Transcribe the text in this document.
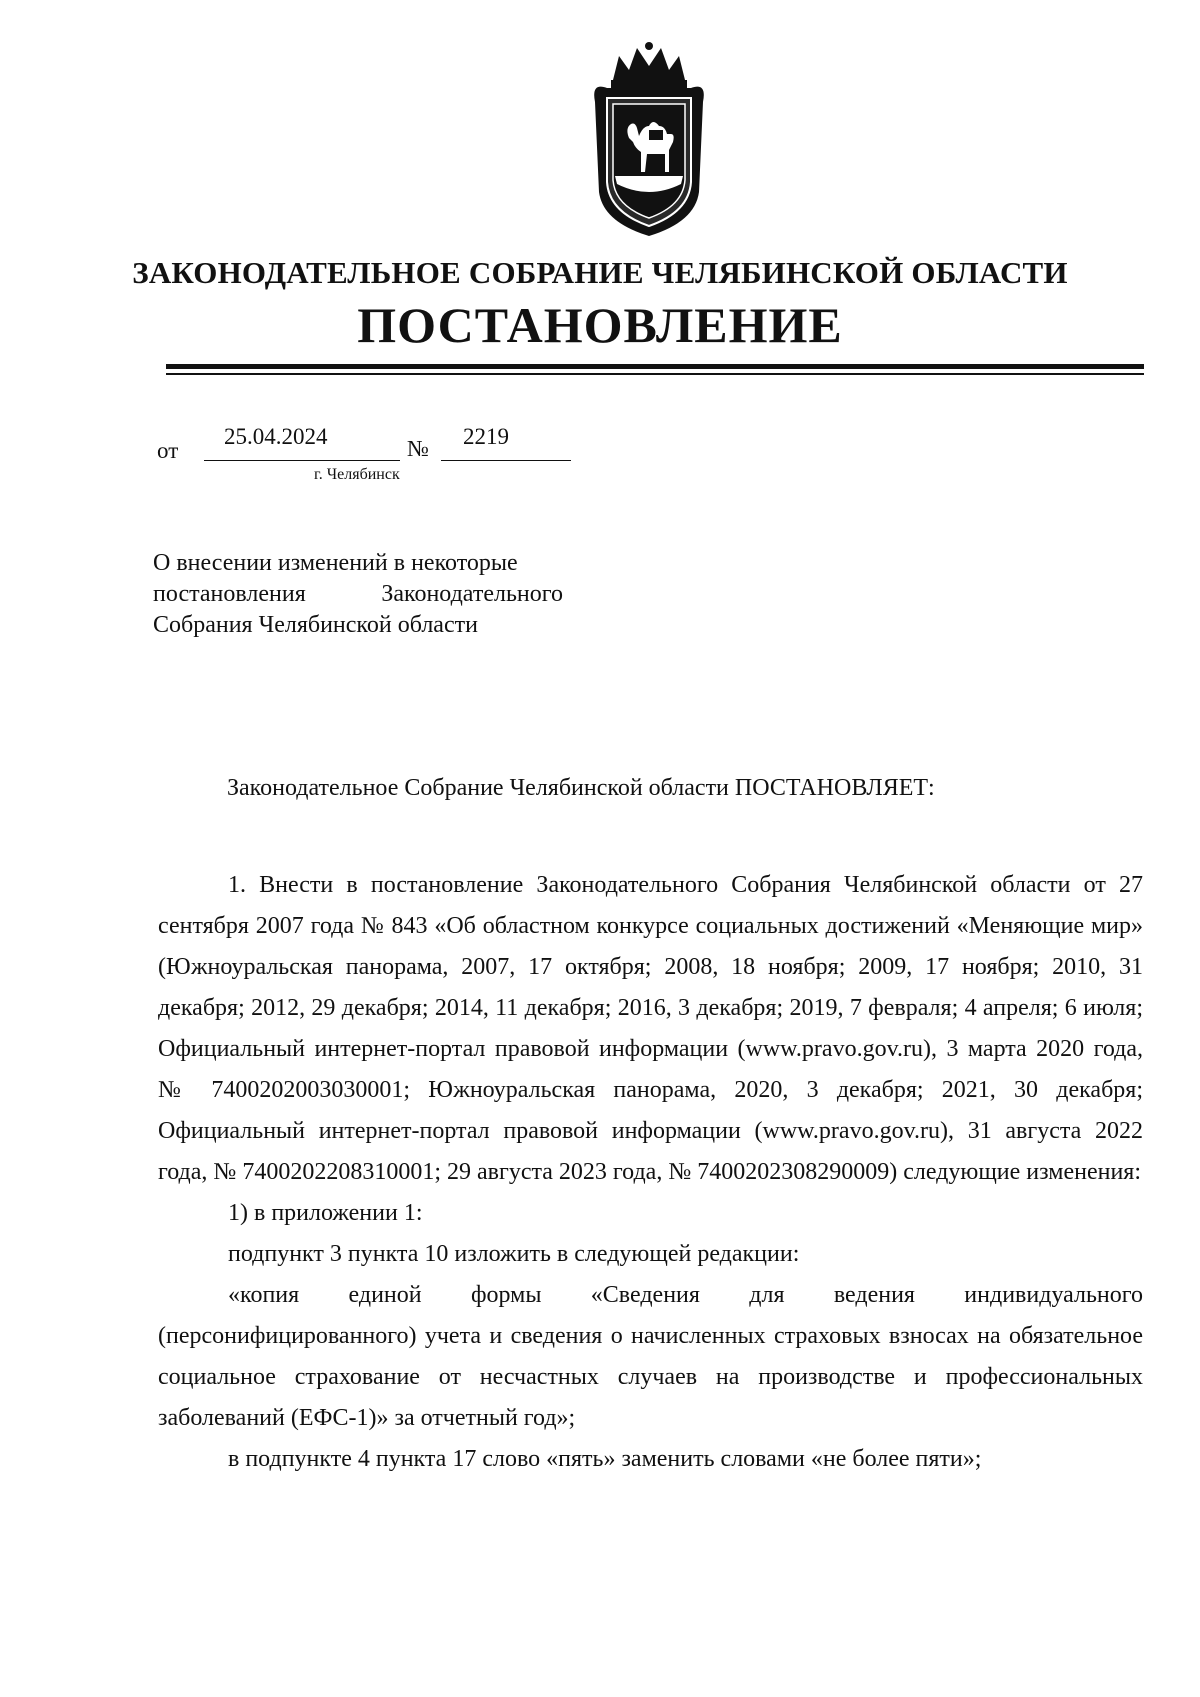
ЗАКОНОДАТЕЛЬНОЕ СОБРАНИЕ ЧЕЛЯБИНСКОЙ ОБЛАСТИ
ПОСТАНОВЛЕНИЕ
от
25.04.2024	№ 2219
г. Челябинск
О внесении изменений в некоторые
постановления	Законодательного
Собрания Челябинской области
Законодательное Собрание Челябинской области ПОСТАНОВЛЯЕТ:

1. Внести в постановление Законодательного Собрания Челябинской области от 27 сентября 2007 года № 843 «Об областном конкурсе социальных достижений «Меняющие мир» (Южноуральская панорама, 2007, 17 октября; 2008, 18 ноября; 2009, 17 ноября; 2010, 31 декабря; 2012, 29 декабря; 2014, 11 декабря; 2016, 3 декабря; 2019, 7 февраля; 4 апреля; 6 июля; Официальный интернет-портал правовой информации (www.pravo.gov.ru), 3 марта 2020 года, № 7400202003030001; Южноуральская панорама, 2020, 3 декабря; 2021, 30 декабря; Официальный интернет-портал правовой информации (www.pravo.gov.ru), 31 августа 2022 года, № 7400202208310001; 29 августа 2023 года, № 7400202308290009) следующие изменения:

1) в приложении 1:

подпункт 3 пункта 10 изложить в следующей редакции:

«копия единой формы «Сведения для ведения индивидуального (персонифицированного) учета и сведения о начисленных страховых взносах на обязательное социальное страхование от несчастных случаев на производстве и профессиональных заболеваний (ЕФС-1)» за отчетный год»;

в подпункте 4 пункта 17 слово «пять» заменить словами «не более пяти»;
